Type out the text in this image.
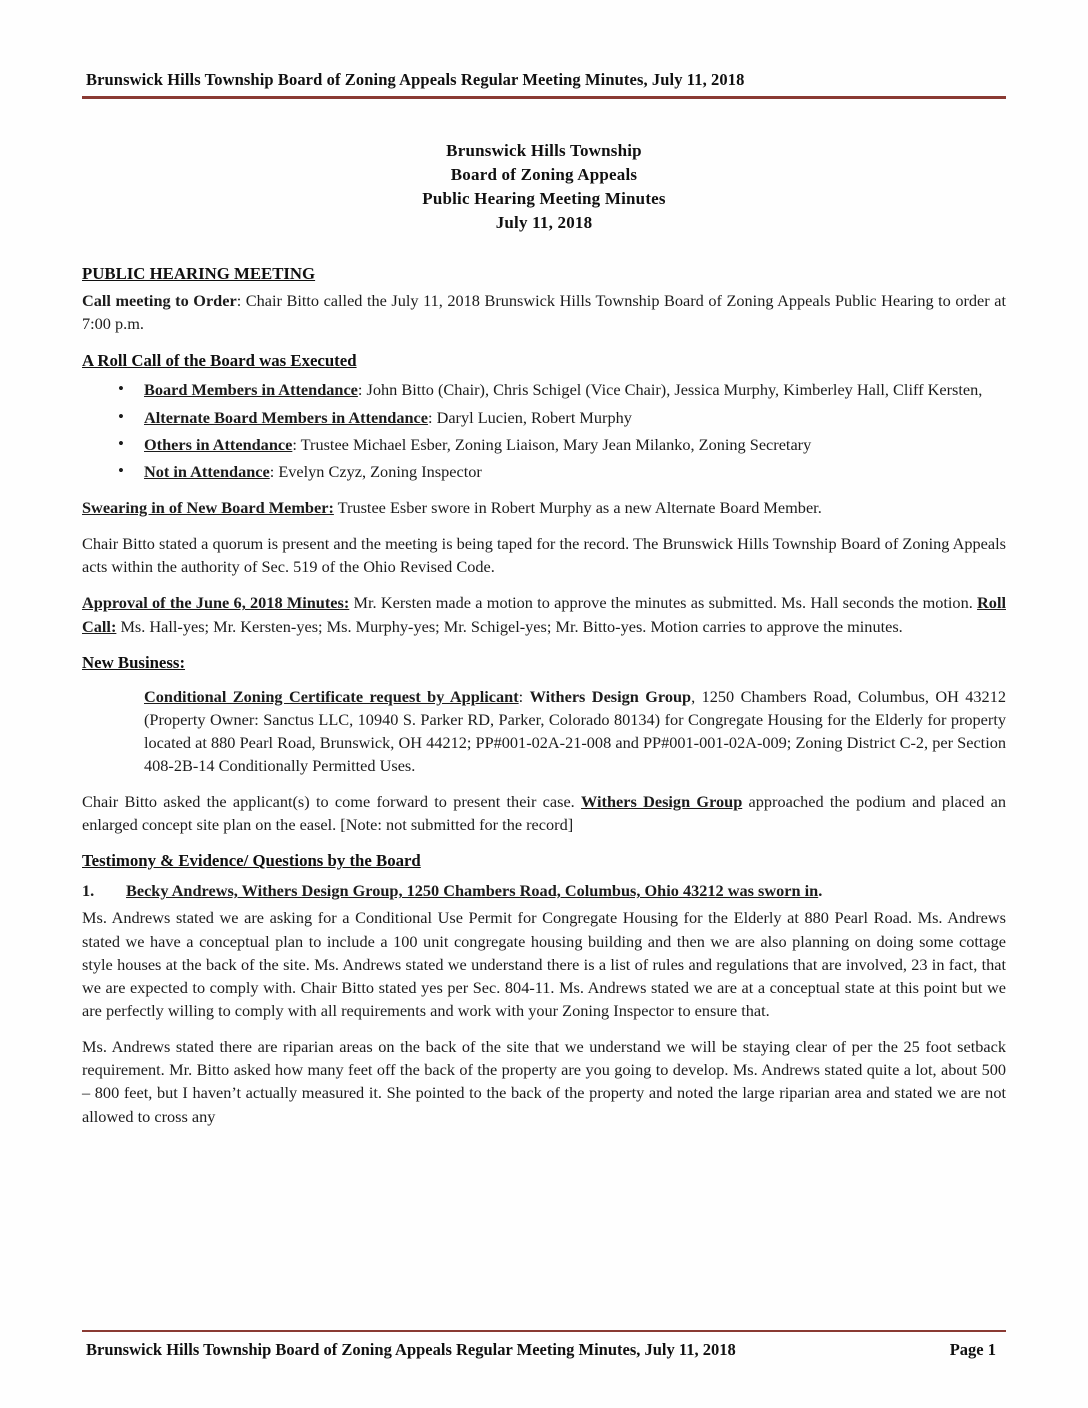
Brunswick Hills Township Board of Zoning Appeals Regular Meeting Minutes, July 11, 2018
Brunswick Hills Township
Board of Zoning Appeals
Public Hearing Meeting Minutes
July 11, 2018
PUBLIC HEARING MEETING
Call meeting to Order: Chair Bitto called the July 11, 2018 Brunswick Hills Township Board of Zoning Appeals Public Hearing to order at 7:00 p.m.
A Roll Call of the Board was Executed
• Board Members in Attendance: John Bitto (Chair), Chris Schigel (Vice Chair), Jessica Murphy, Kimberley Hall, Cliff Kersten,
• Alternate Board Members in Attendance: Daryl Lucien, Robert Murphy
• Others in Attendance: Trustee Michael Esber, Zoning Liaison, Mary Jean Milanko, Zoning Secretary
• Not in Attendance: Evelyn Czyz, Zoning Inspector
Swearing in of New Board Member: Trustee Esber swore in Robert Murphy as a new Alternate Board Member.
Chair Bitto stated a quorum is present and the meeting is being taped for the record. The Brunswick Hills Township Board of Zoning Appeals acts within the authority of Sec. 519 of the Ohio Revised Code.
Approval of the June 6, 2018 Minutes: Mr. Kersten made a motion to approve the minutes as submitted. Ms. Hall seconds the motion. Roll Call: Ms. Hall-yes; Mr. Kersten-yes; Ms. Murphy-yes; Mr. Schigel-yes; Mr. Bitto-yes. Motion carries to approve the minutes.
New Business:
Conditional Zoning Certificate request by Applicant: Withers Design Group, 1250 Chambers Road, Columbus, OH 43212 (Property Owner: Sanctus LLC, 10940 S. Parker RD, Parker, Colorado 80134) for Congregate Housing for the Elderly for property located at 880 Pearl Road, Brunswick, OH 44212; PP#001-02A-21-008 and PP#001-001-02A-009; Zoning District C-2, per Section 408-2B-14 Conditionally Permitted Uses.
Chair Bitto asked the applicant(s) to come forward to present their case. Withers Design Group approached the podium and placed an enlarged concept site plan on the easel. [Note: not submitted for the record]
Testimony & Evidence/ Questions by the Board
1. Becky Andrews, Withers Design Group, 1250 Chambers Road, Columbus, Ohio 43212 was sworn in.
Ms. Andrews stated we are asking for a Conditional Use Permit for Congregate Housing for the Elderly at 880 Pearl Road. Ms. Andrews stated we have a conceptual plan to include a 100 unit congregate housing building and then we are also planning on doing some cottage style houses at the back of the site. Ms. Andrews stated we understand there is a list of rules and regulations that are involved, 23 in fact, that we are expected to comply with. Chair Bitto stated yes per Sec. 804-11. Ms. Andrews stated we are at a conceptual state at this point but we are perfectly willing to comply with all requirements and work with your Zoning Inspector to ensure that.
Ms. Andrews stated there are riparian areas on the back of the site that we understand we will be staying clear of per the 25 foot setback requirement. Mr. Bitto asked how many feet off the back of the property are you going to develop. Ms. Andrews stated quite a lot, about 500 – 800 feet, but I haven’t actually measured it. She pointed to the back of the property and noted the large riparian area and stated we are not allowed to cross any
Brunswick Hills Township Board of Zoning Appeals Regular Meeting Minutes, July 11, 2018	Page 1
